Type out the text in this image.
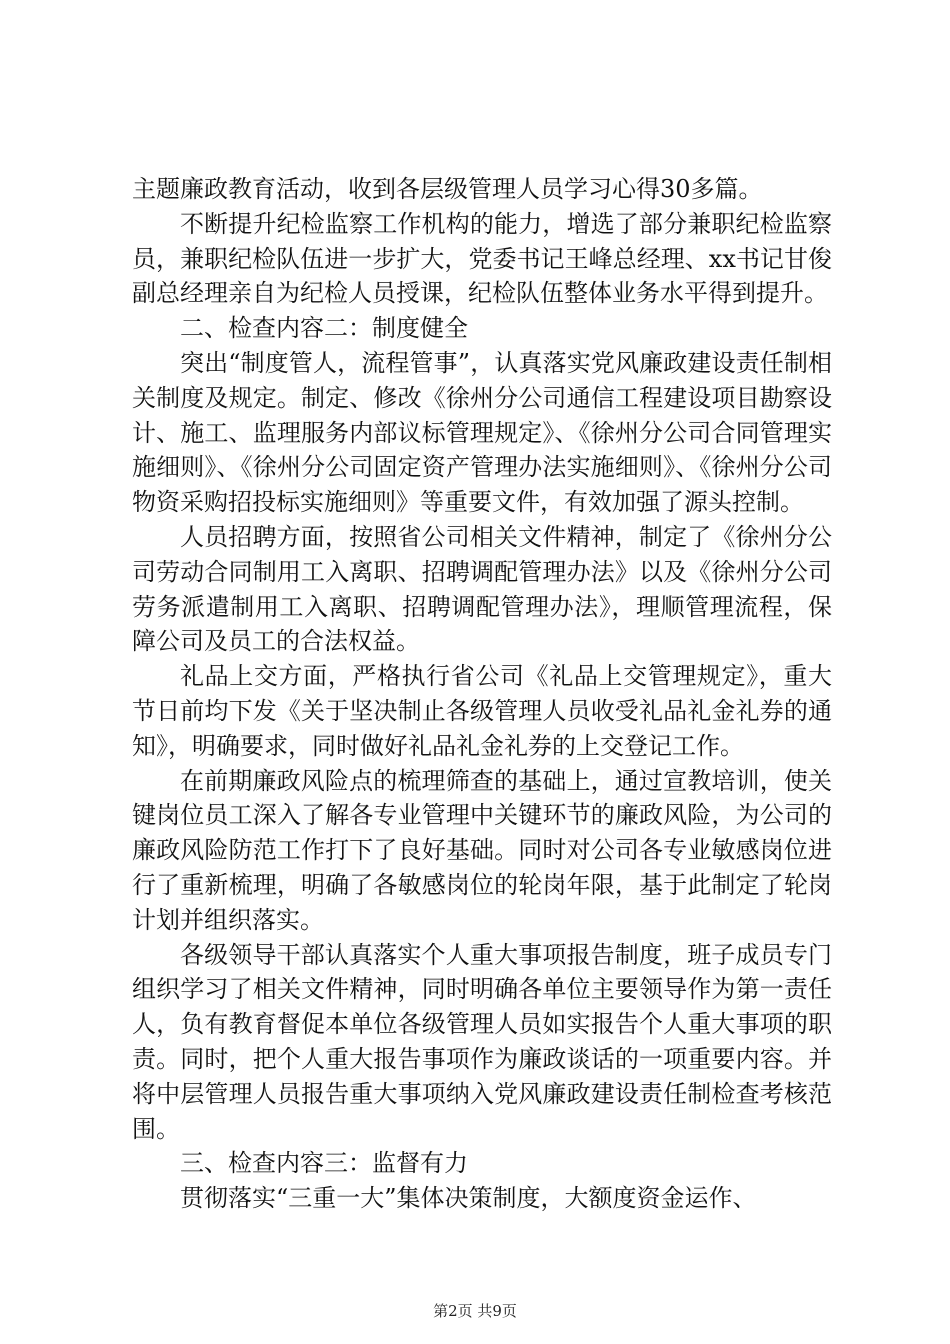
主题廉政教育活动，收到各层级管理人员学习心得30多篇。

不断提升纪检监察工作机构的能力，增选了部分兼职纪检监察员，兼职纪检队伍进一步扩大，党委书记王峰总经理、xx书记甘俊副总经理亲自为纪检人员授课，纪检队伍整体业务水平得到提升。

二、检查内容二：制度健全

突出“制度管人，流程管事”，认真落实党风廉政建设责任制相关制度及规定。制定、修改《徐州分公司通信工程建设项目勘察设计、施工、监理服务内部议标管理规定》、《徐州分公司合同管理实施细则》、《徐州分公司固定资产管理办法实施细则》、《徐州分公司物资采购招投标实施细则》等重要文件，有效加强了源头控制。

人员招聘方面，按照省公司相关文件精神，制定了《徐州分公司劳动合同制用工入离职、招聘调配管理办法》以及《徐州分公司劳务派遣制用工入离职、招聘调配管理办法》，理顺管理流程，保障公司及员工的合法权益。

礼品上交方面，严格执行省公司《礼品上交管理规定》，重大节日前均下发《关于坚决制止各级管理人员收受礼品礼金礼券的通知》，明确要求，同时做好礼品礼金礼券的上交登记工作。

在前期廉政风险点的梳理筛查的基础上，通过宣教培训，使关键岗位员工深入了解各专业管理中关键环节的廉政风险，为公司的廉政风险防范工作打下了良好基础。同时对公司各专业敏感岗位进行了重新梳理，明确了各敏感岗位的轮岗年限，基于此制定了轮岗计划并组织落实。

各级领导干部认真落实个人重大事项报告制度，班子成员专门组织学习了相关文件精神，同时明确各单位主要领导作为第一责任人，负有教育督促本单位各级管理人员如实报告个人重大事项的职责。同时，把个人重大报告事项作为廉政谈话的一项重要内容。并将中层管理人员报告重大事项纳入党风廉政建设责任制检查考核范围。

三、检查内容三：监督有力

贯彻落实“三重一大”集体决策制度，大额度资金运作、

第2页 共9页
